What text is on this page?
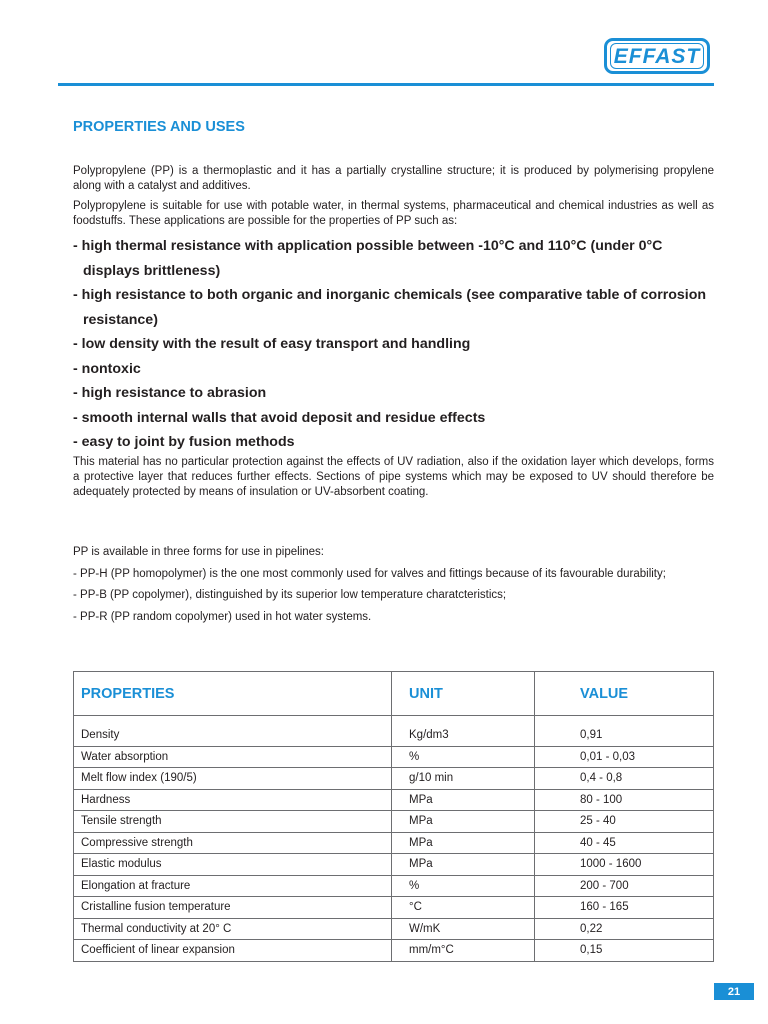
EFFAST
PROPERTIES AND USES

Polypropylene (PP) is a thermoplastic and it has a partially crystalline structure; it is produced by polymerising propylene along with a catalyst and additives.

Polypropylene is suitable for use with potable water, in thermal systems, pharmaceutical and chemical industries as well as foodstuffs. These applications are possible for the properties of PP such as:

- high thermal resistance with application possible between -10°C and 110°C (under 0°C displays brittleness)
- high resistance to both organic and inorganic chemicals (see comparative table of corrosion resistance)
- low density with the result of easy transport and handling
- nontoxic
- high resistance to abrasion
- smooth internal walls that avoid deposit and residue effects
- easy to joint by fusion methods

This material has no particular protection against the effects of UV radiation, also if the oxidation layer which develops, forms a protective layer that reduces further effects. Sections of pipe systems which may be exposed to UV should therefore be adequately protected by means of insulation or UV-absorbent coating.

PP is available in three forms for use in pipelines:
- PP-H (PP homopolymer) is the one most commonly used for valves and fittings because of its favourable durability;
- PP-B (PP copolymer), distinguished by its superior low temperature charatcteristics;
- PP-R (PP random copolymer) used in hot water systems.
PROPERTIES	UNIT	VALUE
Density	Kg/dm3	0,91
Water absorption	%	0,01 - 0,03
Melt flow index (190/5)	g/10 min	0,4 - 0,8
Hardness	MPa	80 - 100
Tensile strength	MPa	25 - 40
Compressive strength	MPa	40 - 45
Elastic modulus	MPa	1000 - 1600
Elongation at fracture	%	200 - 700
Cristalline fusion temperature	°C	160 - 165
Thermal conductivity at 20° C	W/mK	0,22
Coefficient of linear expansion	mm/m°C	0,15
21
